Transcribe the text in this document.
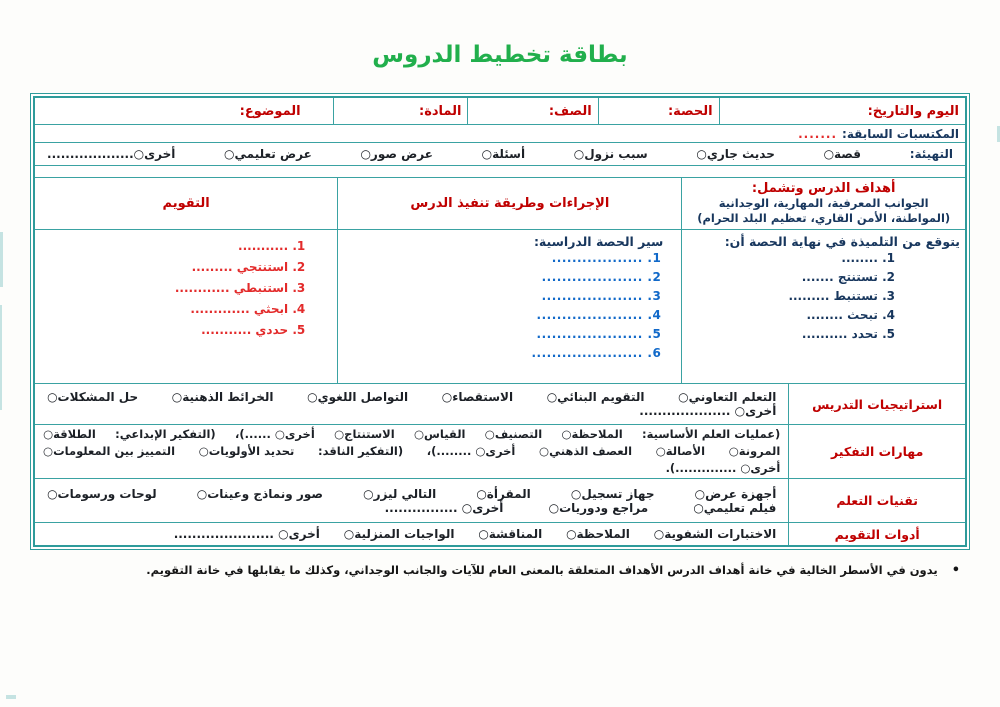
بطاقة تخطيط الدروس
اليوم والتاريخ:
الحصة:
الصف:
المادة:
الموضوع:
المكتسبات السابقة:
.......
التهيئة:
قصة○
حديث جاري○
سبب نزول○
أسئلة○
عرض صور○
عرض تعليمي○
أخرى○...................
أهداف الدرس وتشمل:
الجوانب المعرفية، المهارية، الوجدانية (المواطنة، الأمن القاري، تعظيم البلد الحرام)
يتوقع من التلميذة في نهاية الحصة أن:
1. ........
2. تستنتج .......
3. تستنبط .........
4. تبحث ........
5. تحدد ..........
الإجراءات وطريقة تنفيذ الدرس
سير الحصة الدراسية:
1. ..................
2. ....................
3. ....................
4. .....................
5. .....................
6. ......................
التقويم
1. ...........
2. استنتجي .........
3. استنبطي ............
4. ابحثي .............
5. حددي ...........
استراتيجيات التدريس
التعلم التعاوني○
التقويم البنائي○
الاستقصاء○
التواصل اللغوي○
الخرائط الذهنية○
حل المشكلات○
أخرى○ ....................
مهارات التفكير
(عمليات العلم الأساسية:
الملاحظة○
التصنيف○
القياس○
الاستنتاج○
أخرى○ ......)،
(التفكير الإبداعي:
الطلاقة○
المرونة○
الأصالة○
العصف الذهني○
أخرى○ ........)،
(التفكير الناقد:
تحديد الأولويات○
التمييز بين المعلومات○
أخرى○ ..............).
تقنيات التعلم
أجهزة عرض○
جهاز تسجيل○
المقرأة○
التالي ليزر○
صور ونماذج وعينات○
لوحات ورسومات○
فيلم تعليمي○
مراجع ودوريات○
أخرى○ ................
أدوات التقويم
الاختبارات الشفوية○
الملاحظة○
المناقشة○
الواجبات المنزلية○
أخرى○ ......................
• يدون في الأسطر الخالية في خانة أهداف الدرس الأهداف المتعلقة بالمعنى العام للآيات والجانب الوجداني، وكذلك ما يقابلها في خانة التقويم.
